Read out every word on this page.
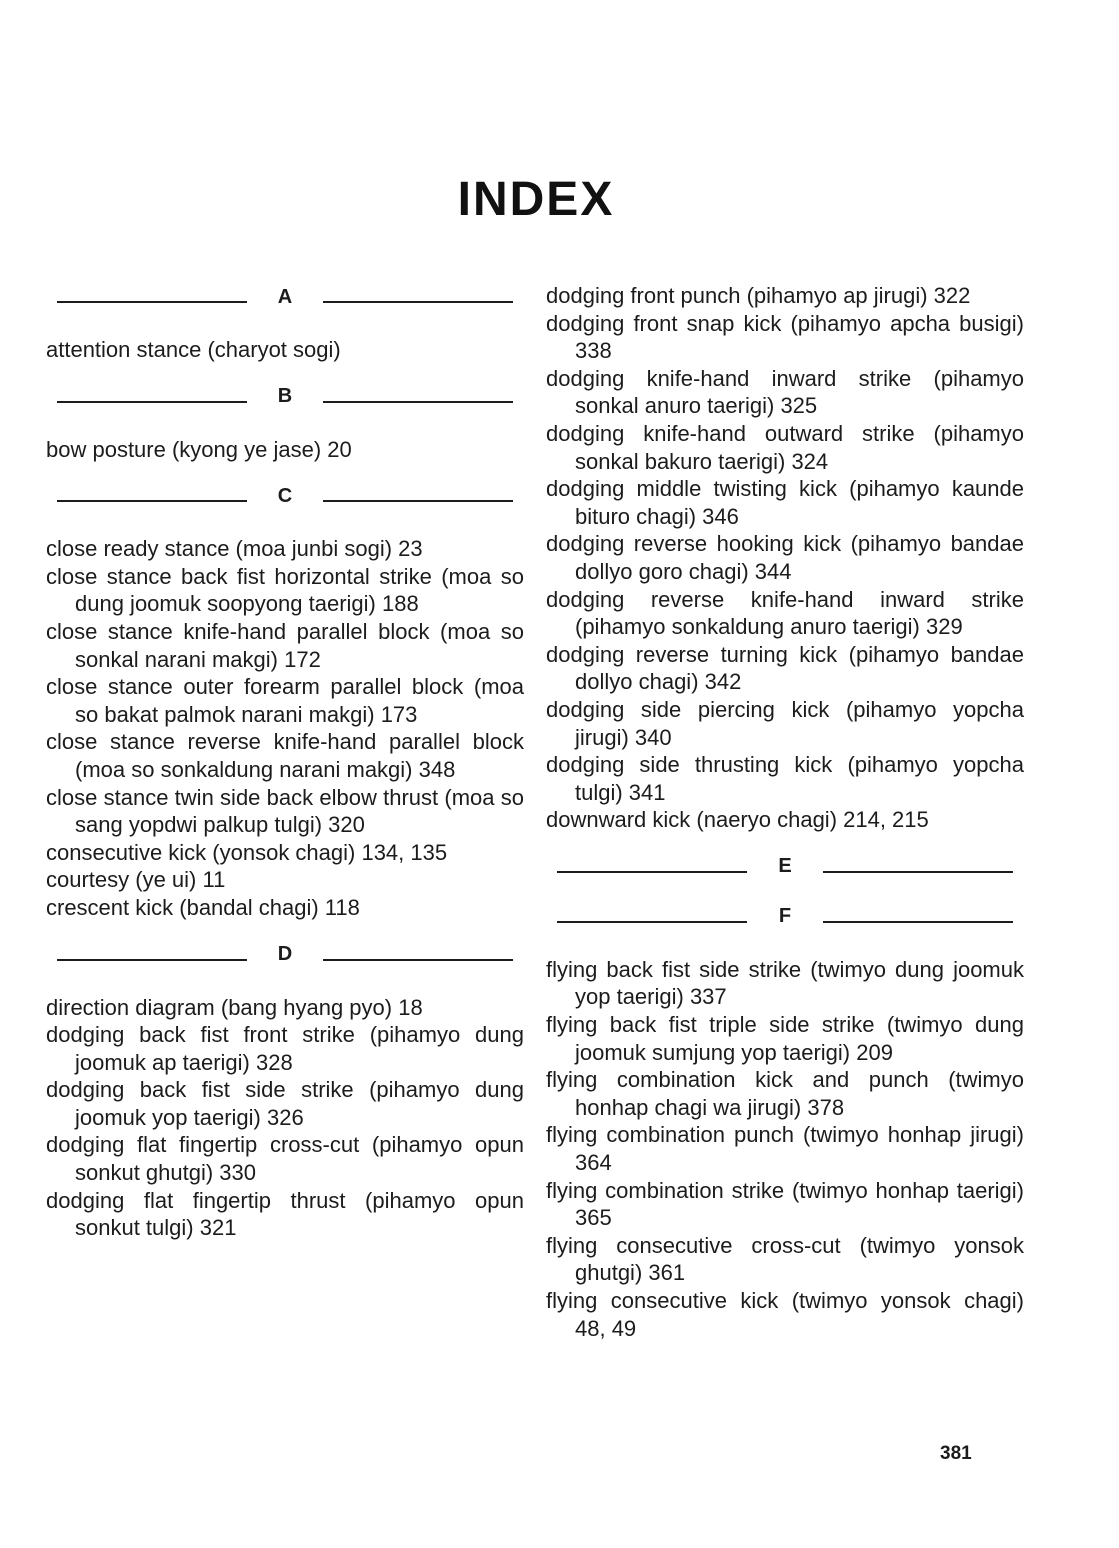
INDEX
A
attention stance (charyot sogi)
B
bow posture (kyong ye jase) 20
C
close ready stance (moa junbi sogi) 23
close stance back fist horizontal strike (moa so dung joomuk soopyong taerigi) 188
close stance knife-hand parallel block (moa so sonkal narani makgi) 172
close stance outer forearm parallel block (moa so bakat palmok narani makgi) 173
close stance reverse knife-hand parallel block (moa so sonkaldung narani makgi) 348
close stance twin side back elbow thrust (moa so sang yopdwi palkup tulgi) 320
consecutive kick (yonsok chagi) 134, 135
courtesy (ye ui) 11
crescent kick (bandal chagi) 118
D
direction diagram (bang hyang pyo) 18
dodging back fist front strike (pihamyo dung joomuk ap taerigi) 328
dodging back fist side strike (pihamyo dung joomuk yop taerigi) 326
dodging flat fingertip cross-cut (pihamyo opun sonkut ghutgi) 330
dodging flat fingertip thrust (pihamyo opun sonkut tulgi) 321
dodging front punch (pihamyo ap jirugi) 322
dodging front snap kick (pihamyo apcha busigi) 338
dodging knife-hand inward strike (pihamyo sonkal anuro taerigi) 325
dodging knife-hand outward strike (pihamyo sonkal bakuro taerigi) 324
dodging middle twisting kick (pihamyo kaunde bituro chagi) 346
dodging reverse hooking kick (pihamyo bandae dollyo goro chagi) 344
dodging reverse knife-hand inward strike (pihamyo sonkaldung anuro taerigi) 329
dodging reverse turning kick (pihamyo bandae dollyo chagi) 342
dodging side piercing kick (pihamyo yopcha jirugi) 340
dodging side thrusting kick (pihamyo yopcha tulgi) 341
downward kick (naeryo chagi) 214, 215
E
F
flying back fist side strike (twimyo dung joomuk yop taerigi) 337
flying back fist triple side strike (twimyo dung joomuk sumjung yop taerigi) 209
flying combination kick and punch (twimyo honhap chagi wa jirugi) 378
flying combination punch (twimyo honhap jirugi) 364
flying combination strike (twimyo honhap taerigi) 365
flying consecutive cross-cut (twimyo yonsok ghutgi) 361
flying consecutive kick (twimyo yonsok chagi) 48, 49
381
